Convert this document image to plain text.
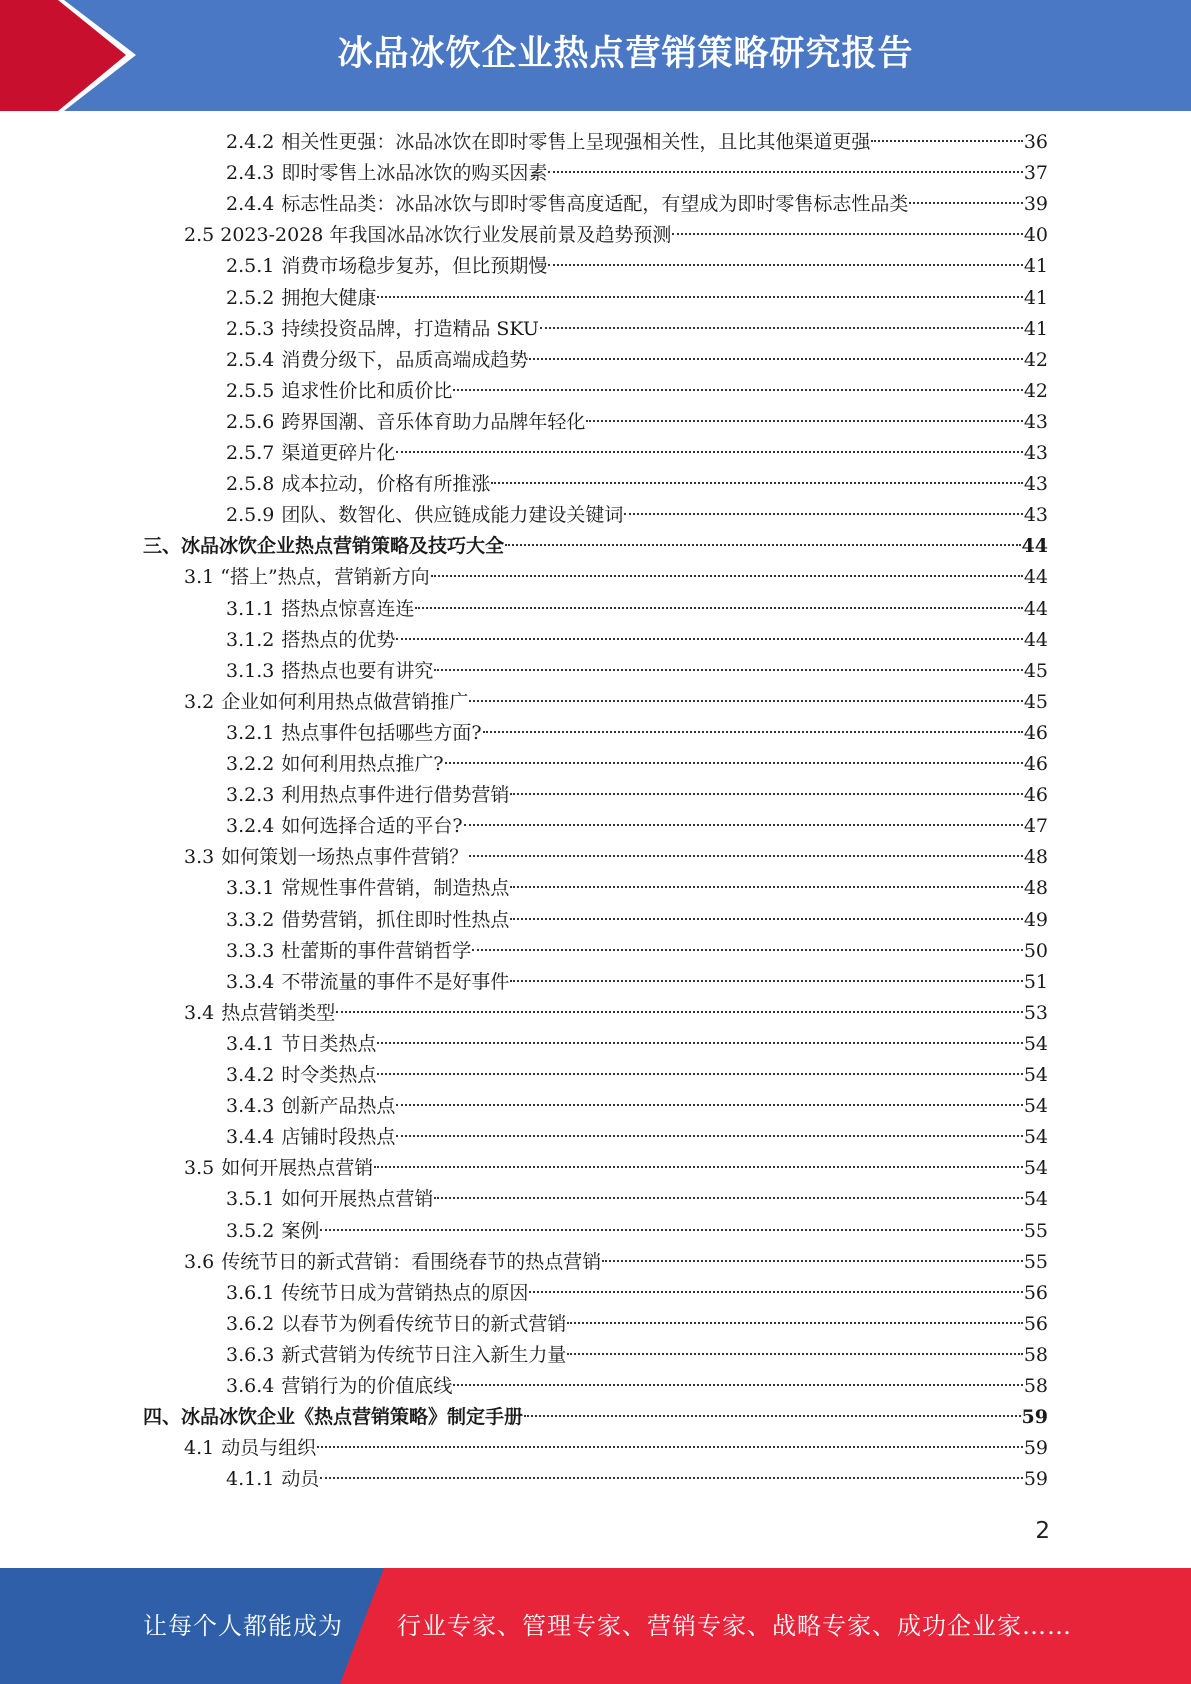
冰品冰饮企业热点营销策略研究报告
2.4.2 相关性更强：冰品冰饮在即时零售上呈现强相关性，且比其他渠道更强	36
2.4.3 即时零售上冰品冰饮的购买因素	37
2.4.4 标志性品类：冰品冰饮与即时零售高度适配，有望成为即时零售标志性品类	39
2.5 2023-2028 年我国冰品冰饮行业发展前景及趋势预测	40
2.5.1 消费市场稳步复苏，但比预期慢	41
2.5.2 拥抱大健康	41
2.5.3 持续投资品牌，打造精品 SKU	41
2.5.4 消费分级下，品质高端成趋势	42
2.5.5 追求性价比和质价比	42
2.5.6 跨界国潮、音乐体育助力品牌年轻化	43
2.5.7 渠道更碎片化	43
2.5.8 成本拉动，价格有所推涨	43
2.5.9 团队、数智化、供应链成能力建设关键词	43
三、冰品冰饮企业热点营销策略及技巧大全	44
3.1 “搭上”热点，营销新方向	44
3.1.1 搭热点惊喜连连	44
3.1.2 搭热点的优势	44
3.1.3 搭热点也要有讲究	45
3.2 企业如何利用热点做营销推广	45
3.2.1 热点事件包括哪些方面?	46
3.2.2 如何利用热点推广?	46
3.2.3 利用热点事件进行借势营销	46
3.2.4 如何选择合适的平台?	47
3.3 如何策划一场热点事件营销？	48
3.3.1 常规性事件营销，制造热点	48
3.3.2 借势营销，抓住即时性热点	49
3.3.3 杜蕾斯的事件营销哲学	50
3.3.4 不带流量的事件不是好事件	51
3.4 热点营销类型	53
3.4.1 节日类热点	54
3.4.2 时令类热点	54
3.4.3 创新产品热点	54
3.4.4 店铺时段热点	54
3.5 如何开展热点营销	54
3.5.1 如何开展热点营销	54
3.5.2 案例	55
3.6 传统节日的新式营销：看围绕春节的热点营销	55
3.6.1 传统节日成为营销热点的原因	56
3.6.2 以春节为例看传统节日的新式营销	56
3.6.3 新式营销为传统节日注入新生力量	58
3.6.4 营销行为的价值底线	58
四、冰品冰饮企业《热点营销策略》制定手册	59
4.1 动员与组织	59
4.1.1 动员	59
2
让每个人都能成为 行业专家、管理专家、营销专家、战略专家、成功企业家……
